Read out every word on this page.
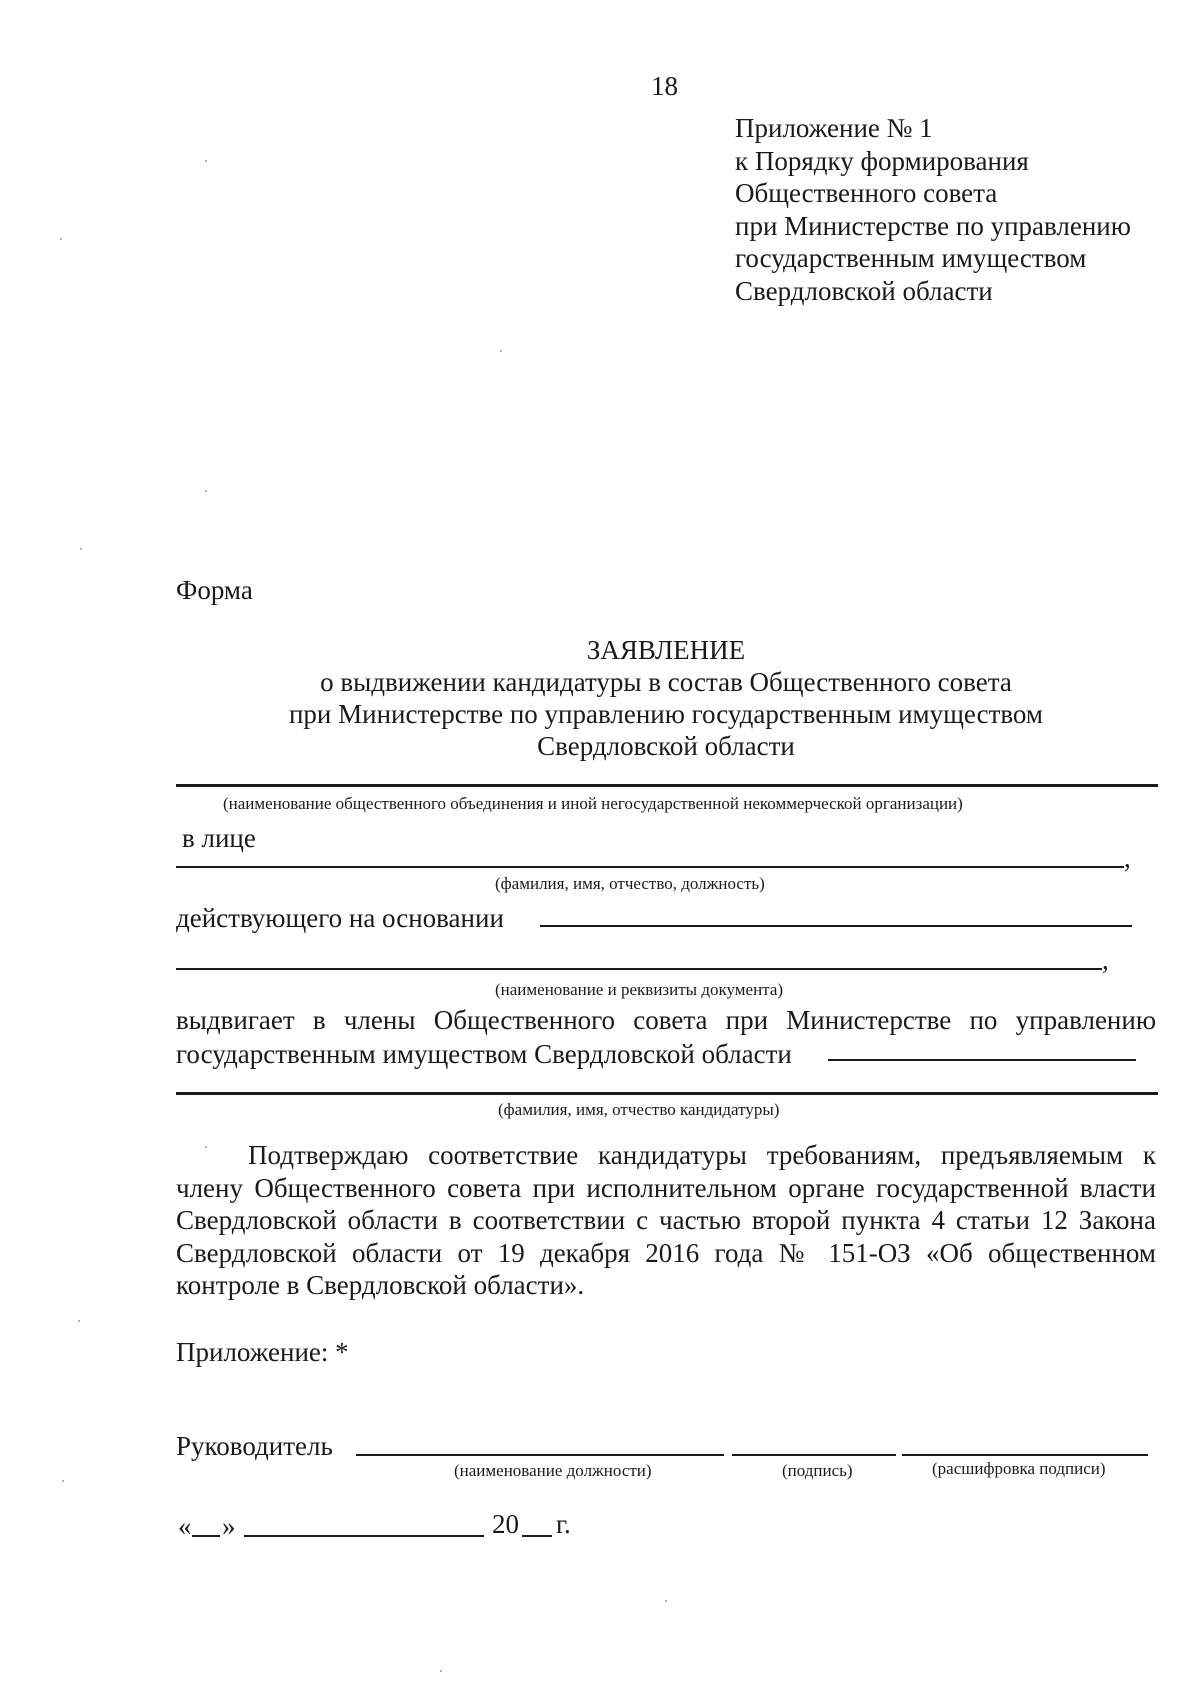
18
Приложение № 1
к Порядку формирования
Общественного совета
при Министерстве по управлению
государственным имуществом
Свердловской области
Форма
ЗАЯВЛЕНИЕ
о выдвижении кандидатуры в состав Общественного совета
при Министерстве по управлению государственным имуществом
Свердловской области
(наименование общественного объединения и иной негосударственной некоммерческой организации)
в лице
,
(фамилия, имя, отчество, должность)
действующего на основании
,
(наименование и реквизиты документа)
выдвигает в члены Общественного совета при Министерстве по управлению
государственным имуществом Свердловской области
(фамилия, имя, отчество кандидатуры)
Подтверждаю соответствие кандидатуры требованиям, предъявляемым к члену Общественного совета при исполнительном органе государственной власти Свердловской области в соответствии с частью второй пункта 4 статьи 12 Закона Свердловской области от 19 декабря 2016 года № 151-ОЗ «Об общественном контроле в Свердловской области».
Приложение: *
Руководитель
(наименование должности)	(подпись)	(расшифровка подписи)
« »	20 г.
